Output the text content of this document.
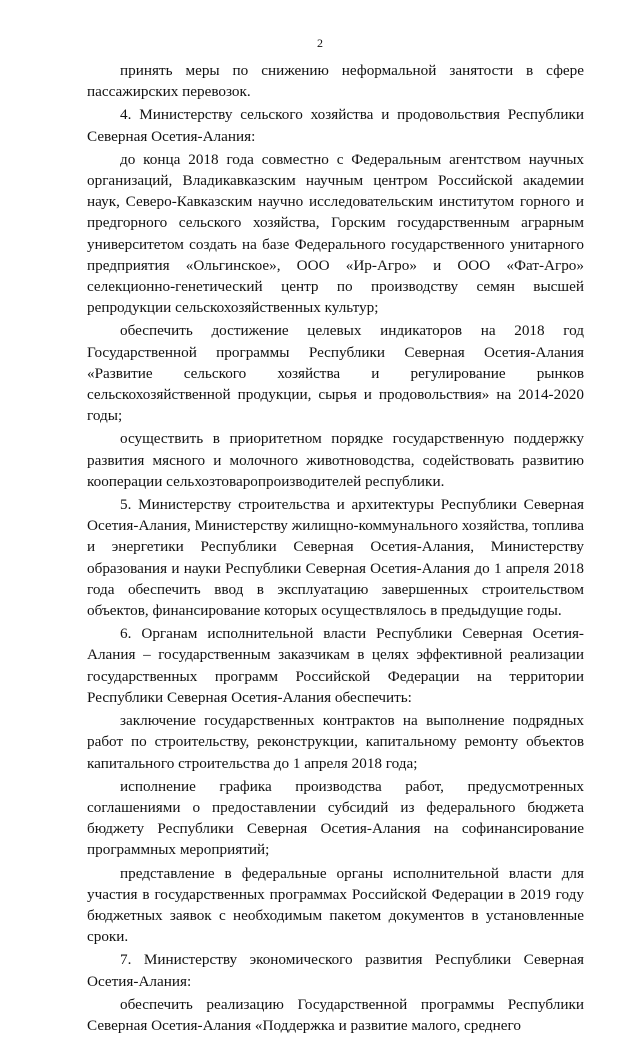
2

принять меры по снижению неформальной занятости в сфере пассажирских перевозок.

4. Министерству сельского хозяйства и продовольствия Республики Северная Осетия-Алания:

до конца 2018 года совместно с Федеральным агентством научных организаций, Владикавказским научным центром Российской академии наук, Северо-Кавказским научно исследовательским институтом горного и предгорного сельского хозяйства, Горским государственным аграрным университетом создать на базе Федерального государственного унитарного предприятия «Ольгинское», ООО «Ир-Агро» и ООО «Фат-Агро» селекционно-генетический центр по производству семян высшей репродукции сельскохозяйственных культур;

обеспечить достижение целевых индикаторов на 2018 год Государственной программы Республики Северная Осетия-Алания «Развитие сельского хозяйства и регулирование рынков сельскохозяйственной продукции, сырья и продовольствия» на 2014-2020 годы;

осуществить в приоритетном порядке государственную поддержку развития мясного и молочного животноводства, содействовать развитию кооперации сельхозтоваропроизводителей республики.

5. Министерству строительства и архитектуры Республики Северная Осетия-Алания, Министерству жилищно-коммунального хозяйства, топлива и энергетики Республики Северная Осетия-Алания, Министерству образования и науки Республики Северная Осетия-Алания до 1 апреля 2018 года обеспечить ввод в эксплуатацию завершенных строительством объектов, финансирование которых осуществлялось в предыдущие годы.

6. Органам исполнительной власти Республики Северная Осетия-Алания – государственным заказчикам в целях эффективной реализации государственных программ Российской Федерации на территории Республики Северная Осетия-Алания обеспечить:

заключение государственных контрактов на выполнение подрядных работ по строительству, реконструкции, капитальному ремонту объектов капитального строительства до 1 апреля 2018 года;

исполнение графика производства работ, предусмотренных соглашениями о предоставлении субсидий из федерального бюджета бюджету Республики Северная Осетия-Алания на софинансирование программных мероприятий;

представление в федеральные органы исполнительной власти для участия в государственных программах Российской Федерации в 2019 году бюджетных заявок с необходимым пакетом документов в установленные сроки.

7. Министерству экономического развития Республики Северная Осетия-Алания:

обеспечить реализацию Государственной программы Республики Северная Осетия-Алания «Поддержка и развитие малого, среднего
